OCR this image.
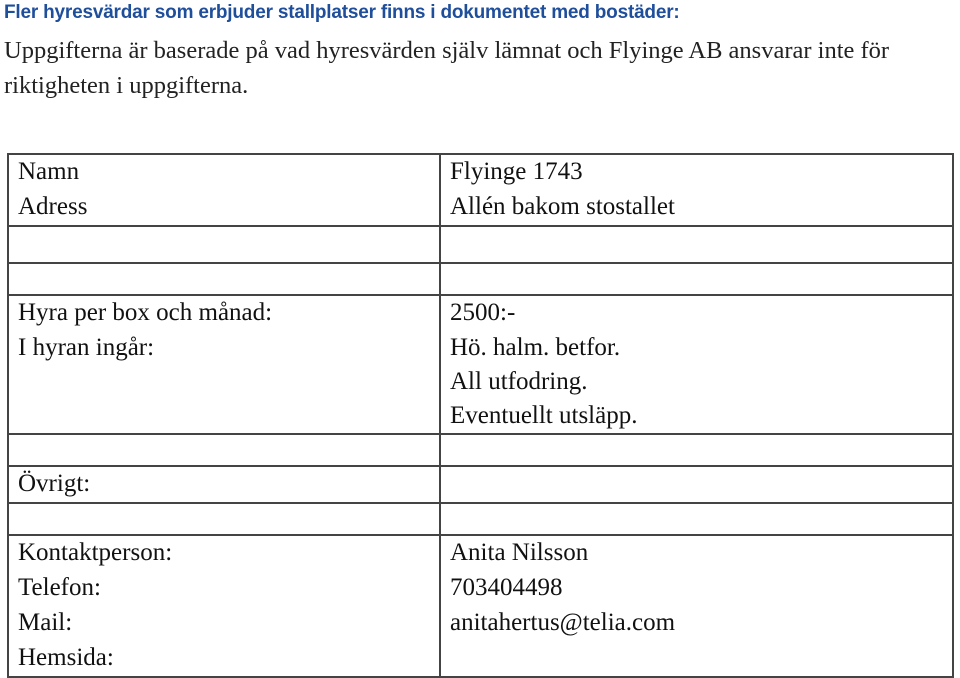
Fler hyresvärdar som erbjuder stallplatser finns i dokumentet med bostäder:
Uppgifterna är baserade på vad hyresvärden själv lämnat och Flyinge AB ansvarar inte för riktigheten i uppgifterna.
Namn	Flyinge 1743
Adress	Allén bakom stostallet

Hyra per box och månad:	2500:-
I hyran ingår:	Hö. halm. betfor.
All utfodring.
Eventuellt utsläpp.

Övrigt:	

Kontaktperson:	Anita Nilsson
Telefon:	703404498
Mail:	anitahertus@telia.com
Hemsida:	
